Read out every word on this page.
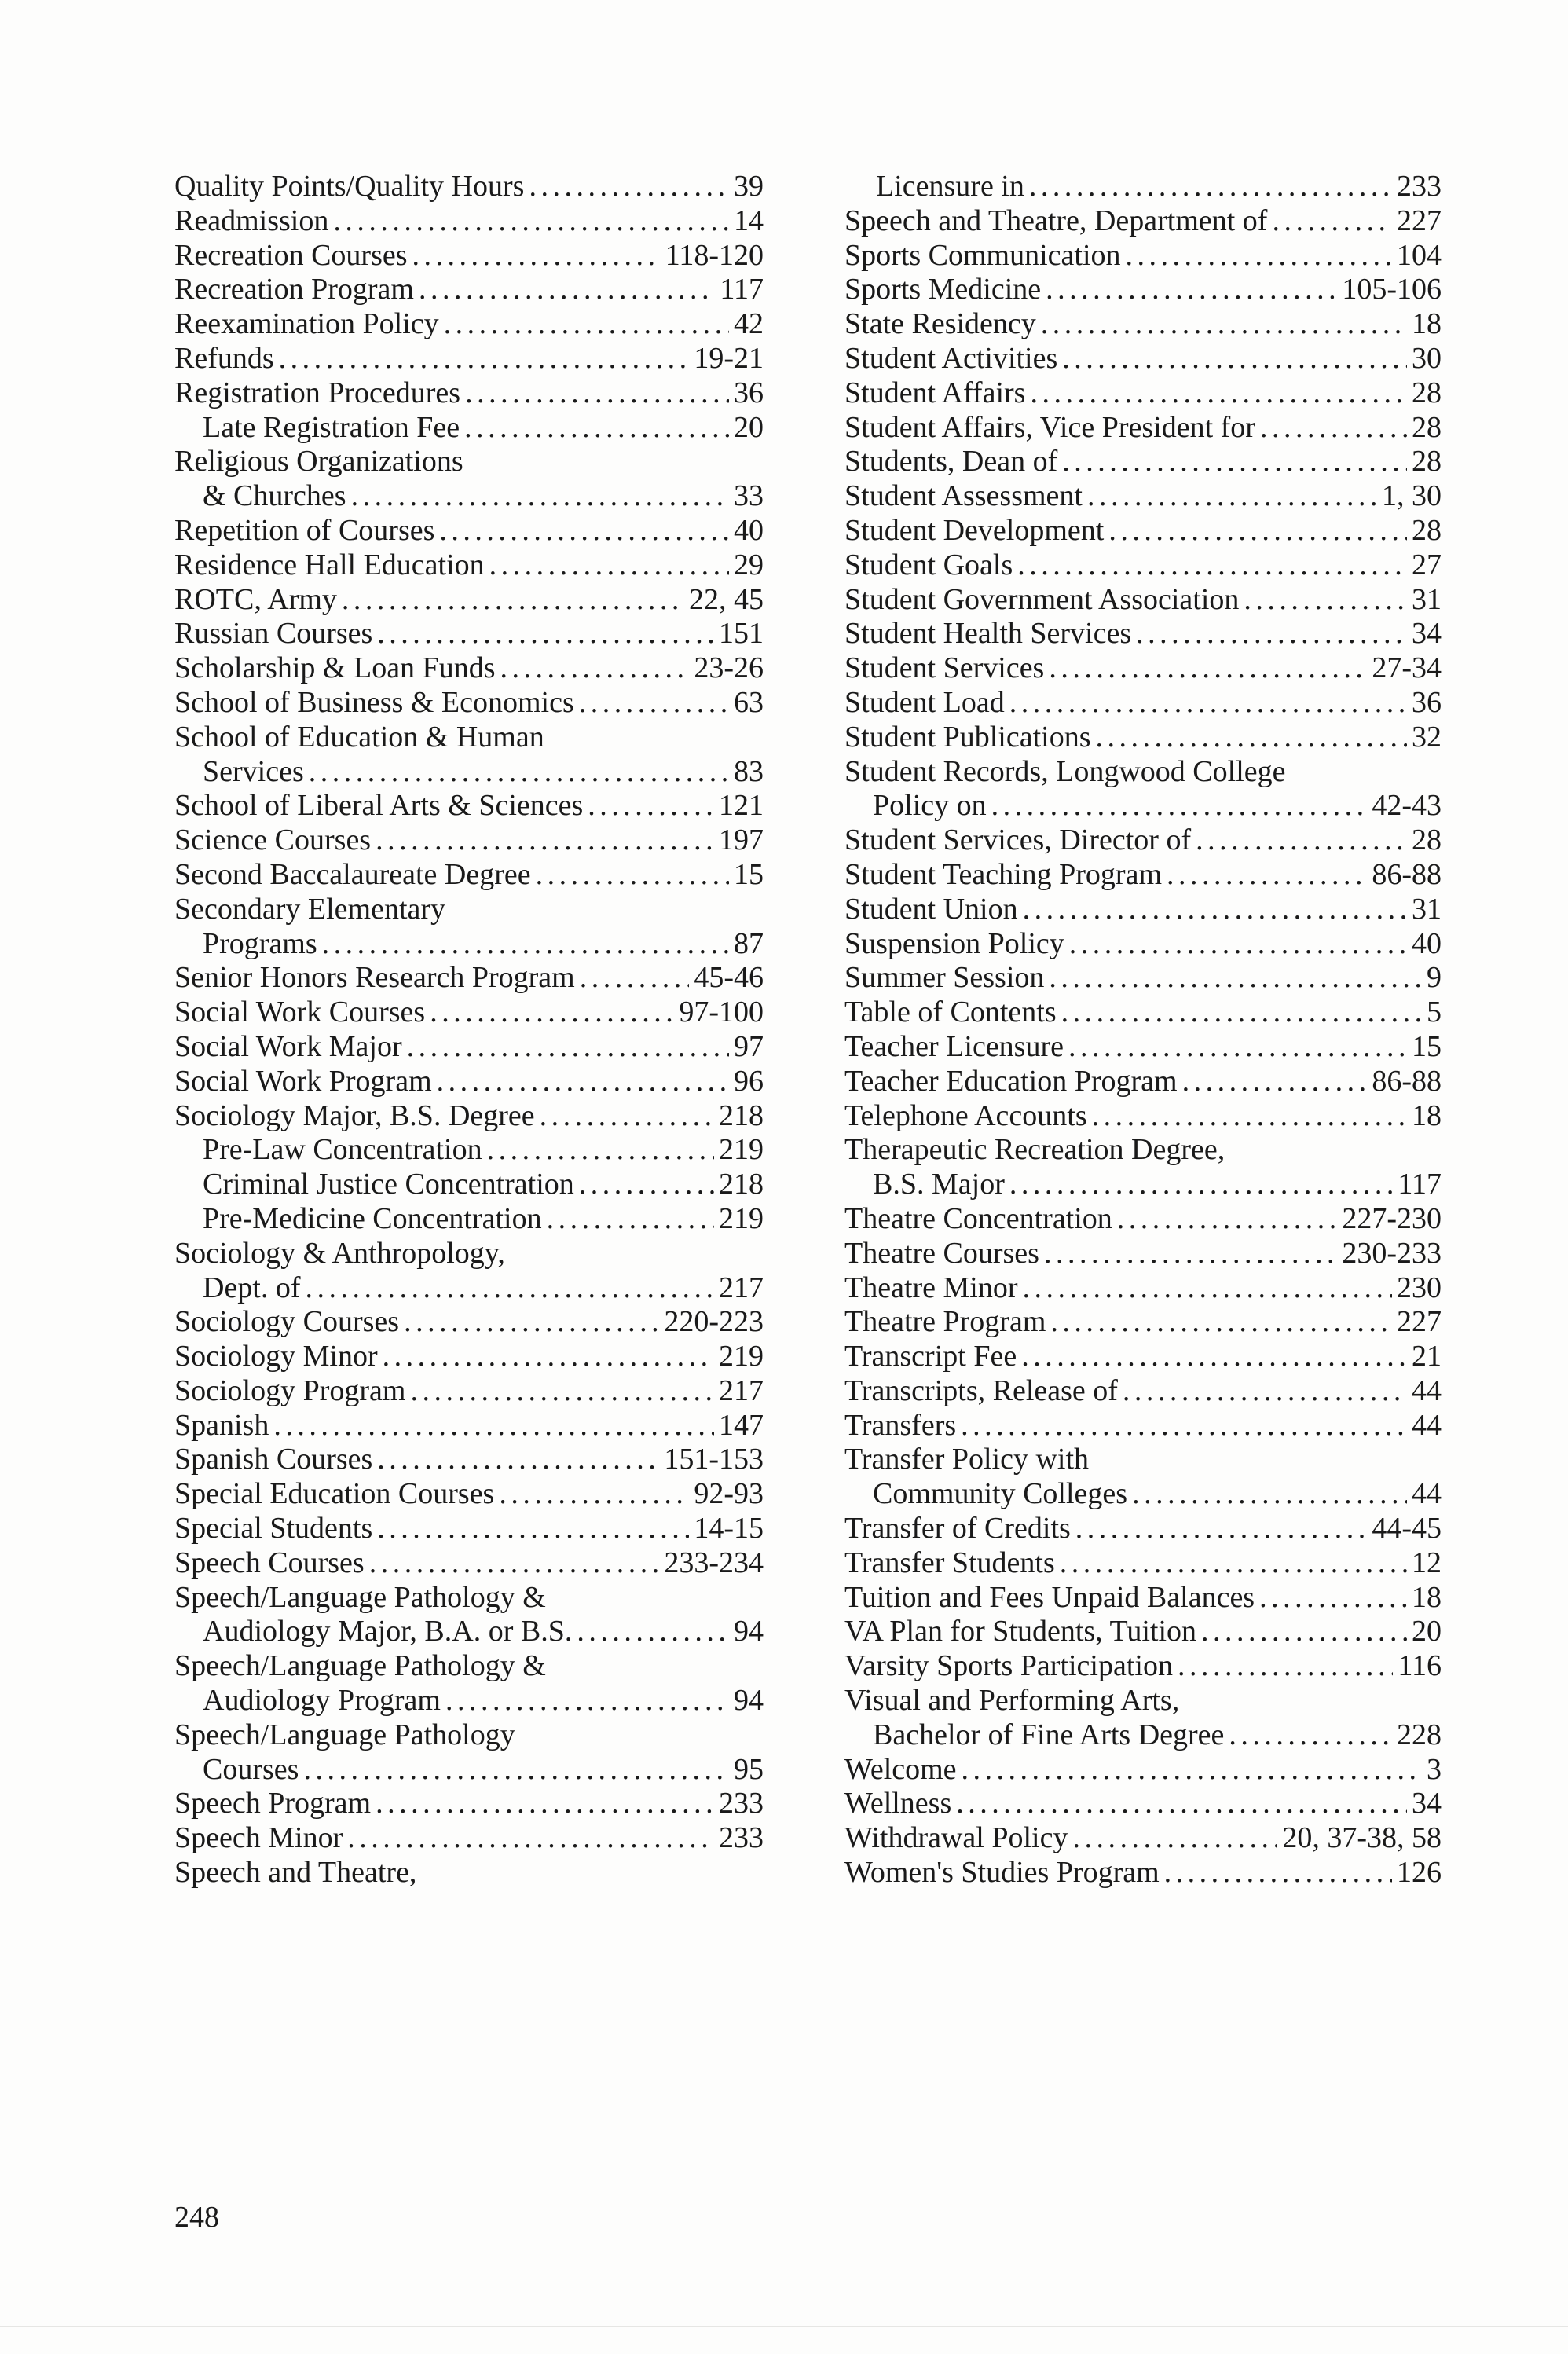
Quality Points/Quality Hours . . .	39
Readmission . . .	14
Recreation Courses . . .	118-120
Recreation Program . . .	117
Reexamination Policy . . .	42
Refunds . . .	19-21
Registration Procedures . . .	36
Late Registration Fee . . .	20
Religious Organizations
& Churches . . .	33
Repetition of Courses . . .	40
Residence Hall Education . . .	29
ROTC, Army . . .	22, 45
Russian Courses . . .	151
Scholarship & Loan Funds . . .	23-26
School of Business & Economics . . .	63
School of Education & Human
Services . . .	83
School of Liberal Arts & Sciences . . .	121
Science Courses . . .	197
Second Baccalaureate Degree . . .	15
Secondary Elementary
Programs . . .	87
Senior Honors Research Program . . .	45-46
Social Work Courses . . .	97-100
Social Work Major . . .	97
Social Work Program . . .	96
Sociology Major, B.S. Degree . . .	218
Pre-Law Concentration . . .	219
Criminal Justice Concentration . . .	218
Pre-Medicine Concentration . . .	219
Sociology & Anthropology,
Dept. of . . .	217
Sociology Courses . . .	220-223
Sociology Minor . . .	219
Sociology Program . . .	217
Spanish . . .	147
Spanish Courses . . .	151-153
Special Education Courses . . .	92-93
Special Students . . .	14-15
Speech Courses . . .	233-234
Speech/Language Pathology &
Audiology Major, B.A. or B.S. . . .	94
Speech/Language Pathology &
Audiology Program . . .	94
Speech/Language Pathology
Courses . . .	95
Speech Program . . .	233
Speech Minor . . .	233
Speech and Theatre,
Licensure in . . .	233
Speech and Theatre, Department of . . .	227
Sports Communication . . .	104
Sports Medicine . . .	105-106
State Residency . . .	18
Student Activities . . .	30
Student Affairs . . .	28
Student Affairs, Vice President for . . .	28
Students, Dean of . . .	28
Student Assessment . . .	1, 30
Student Development . . .	28
Student Goals . . .	27
Student Government Association . . .	31
Student Health Services . . .	34
Student Services . . .	27-34
Student Load . . .	36
Student Publications . . .	32
Student Records, Longwood College
Policy on . . .	42-43
Student Services, Director of . . .	28
Student Teaching Program . . .	86-88
Student Union . . .	31
Suspension Policy . . .	40
Summer Session . . .	9
Table of Contents . . .	5
Teacher Licensure . . .	15
Teacher Education Program . . .	86-88
Telephone Accounts . . .	18
Therapeutic Recreation Degree,
B.S. Major . . .	117
Theatre Concentration . . .	227-230
Theatre Courses . . .	230-233
Theatre Minor . . .	230
Theatre Program . . .	227
Transcript Fee . . .	21
Transcripts, Release of . . .	44
Transfers . . .	44
Transfer Policy with
Community Colleges . . .	44
Transfer of Credits . . .	44-45
Transfer Students . . .	12
Tuition and Fees Unpaid Balances . . .	18
VA Plan for Students, Tuition . . .	20
Varsity Sports Participation . . .	116
Visual and Performing Arts,
Bachelor of Fine Arts Degree . . .	228
Welcome . . .	3
Wellness . . .	34
Withdrawal Policy . . .	20, 37-38, 58
Women's Studies Program . . .	126
248
